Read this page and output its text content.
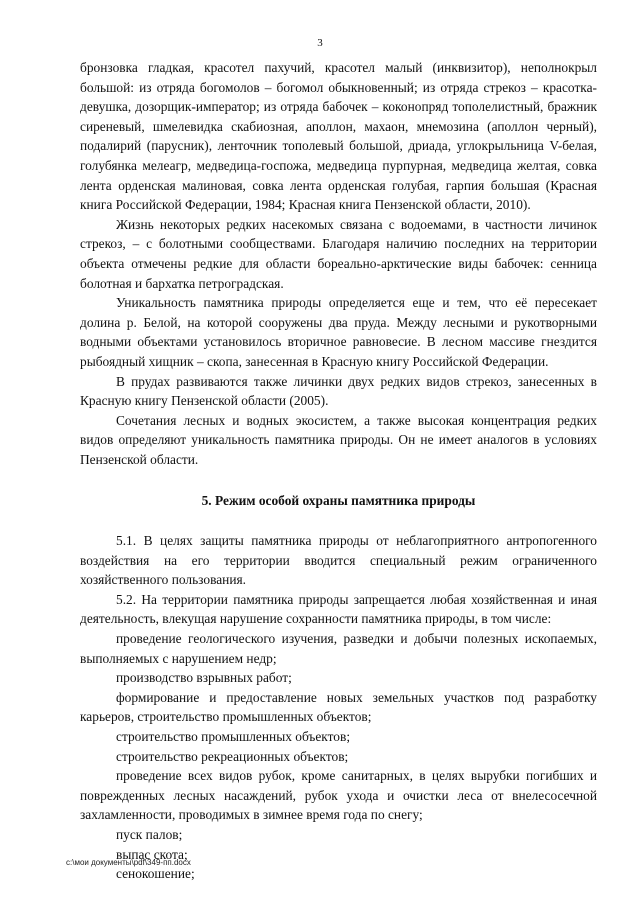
3

бронзовка гладкая, красотел пахучий, красотел малый (инквизитор), неполнокрыл большой: из отряда богомолов – богомол обыкновенный; из отряда стрекоз – красотка-девушка, дозорщик-император; из отряда бабочек – коконопряд тополелистный, бражник сиреневый, шмелевидка скабиозная, аполлон, махаон, мнемозина (аполлон черный), подалирий (парусник), ленточник тополевый большой, дриада, углокрыльница V-белая, голубянка мелеагр, медведица-госпожа, медведица пурпурная, медведица желтая, совка лента орденская малиновая, совка лента орденская голубая, гарпия большая (Красная книга Российской Федерации, 1984; Красная книга Пензенской области, 2010).

Жизнь некоторых редких насекомых связана с водоемами, в частности личинок стрекоз, – с болотными сообществами. Благодаря наличию последних на территории объекта отмечены редкие для области бореально-арктические виды бабочек: сенница болотная и бархатка петроградская.

Уникальность памятника природы определяется еще и тем, что её пересекает долина р. Белой, на которой сооружены два пруда. Между лесными и рукотворными водными объектами установилось вторичное равновесие. В лесном массиве гнездится рыбоядный хищник – скопа, занесенная в Красную книгу Российской Федерации.

В прудах развиваются также личинки двух редких видов стрекоз, занесенных в Красную книгу Пензенской области (2005).

Сочетания лесных и водных экосистем, а также высокая концентрация редких видов определяют уникальность памятника природы. Он не имеет аналогов в условиях Пензенской области.

5. Режим особой охраны памятника природы

5.1. В целях защиты памятника природы от неблагоприятного антропогенного воздействия на его территории вводится специальный режим ограниченного хозяйственного пользования.

5.2. На территории памятника природы запрещается любая хозяйственная и иная деятельность, влекущая нарушение сохранности памятника природы, в том числе:

проведение геологического изучения, разведки и добычи полезных ископаемых, выполняемых с нарушением недр;

производство взрывных работ;

формирование и предоставление новых земельных участков под разработку карьеров, строительство промышленных объектов;

строительство промышленных объектов;

строительство рекреационных объектов;

проведение всех видов рубок, кроме санитарных, в целях вырубки погибших и поврежденных лесных насаждений, рубок ухода и очистки леса от внелесосечной захламленности, проводимых в зимнее время года по снегу;

пуск палов;

выпас скота;

сенокошение;

c:\мои документы\pdf\349-пп.docx
